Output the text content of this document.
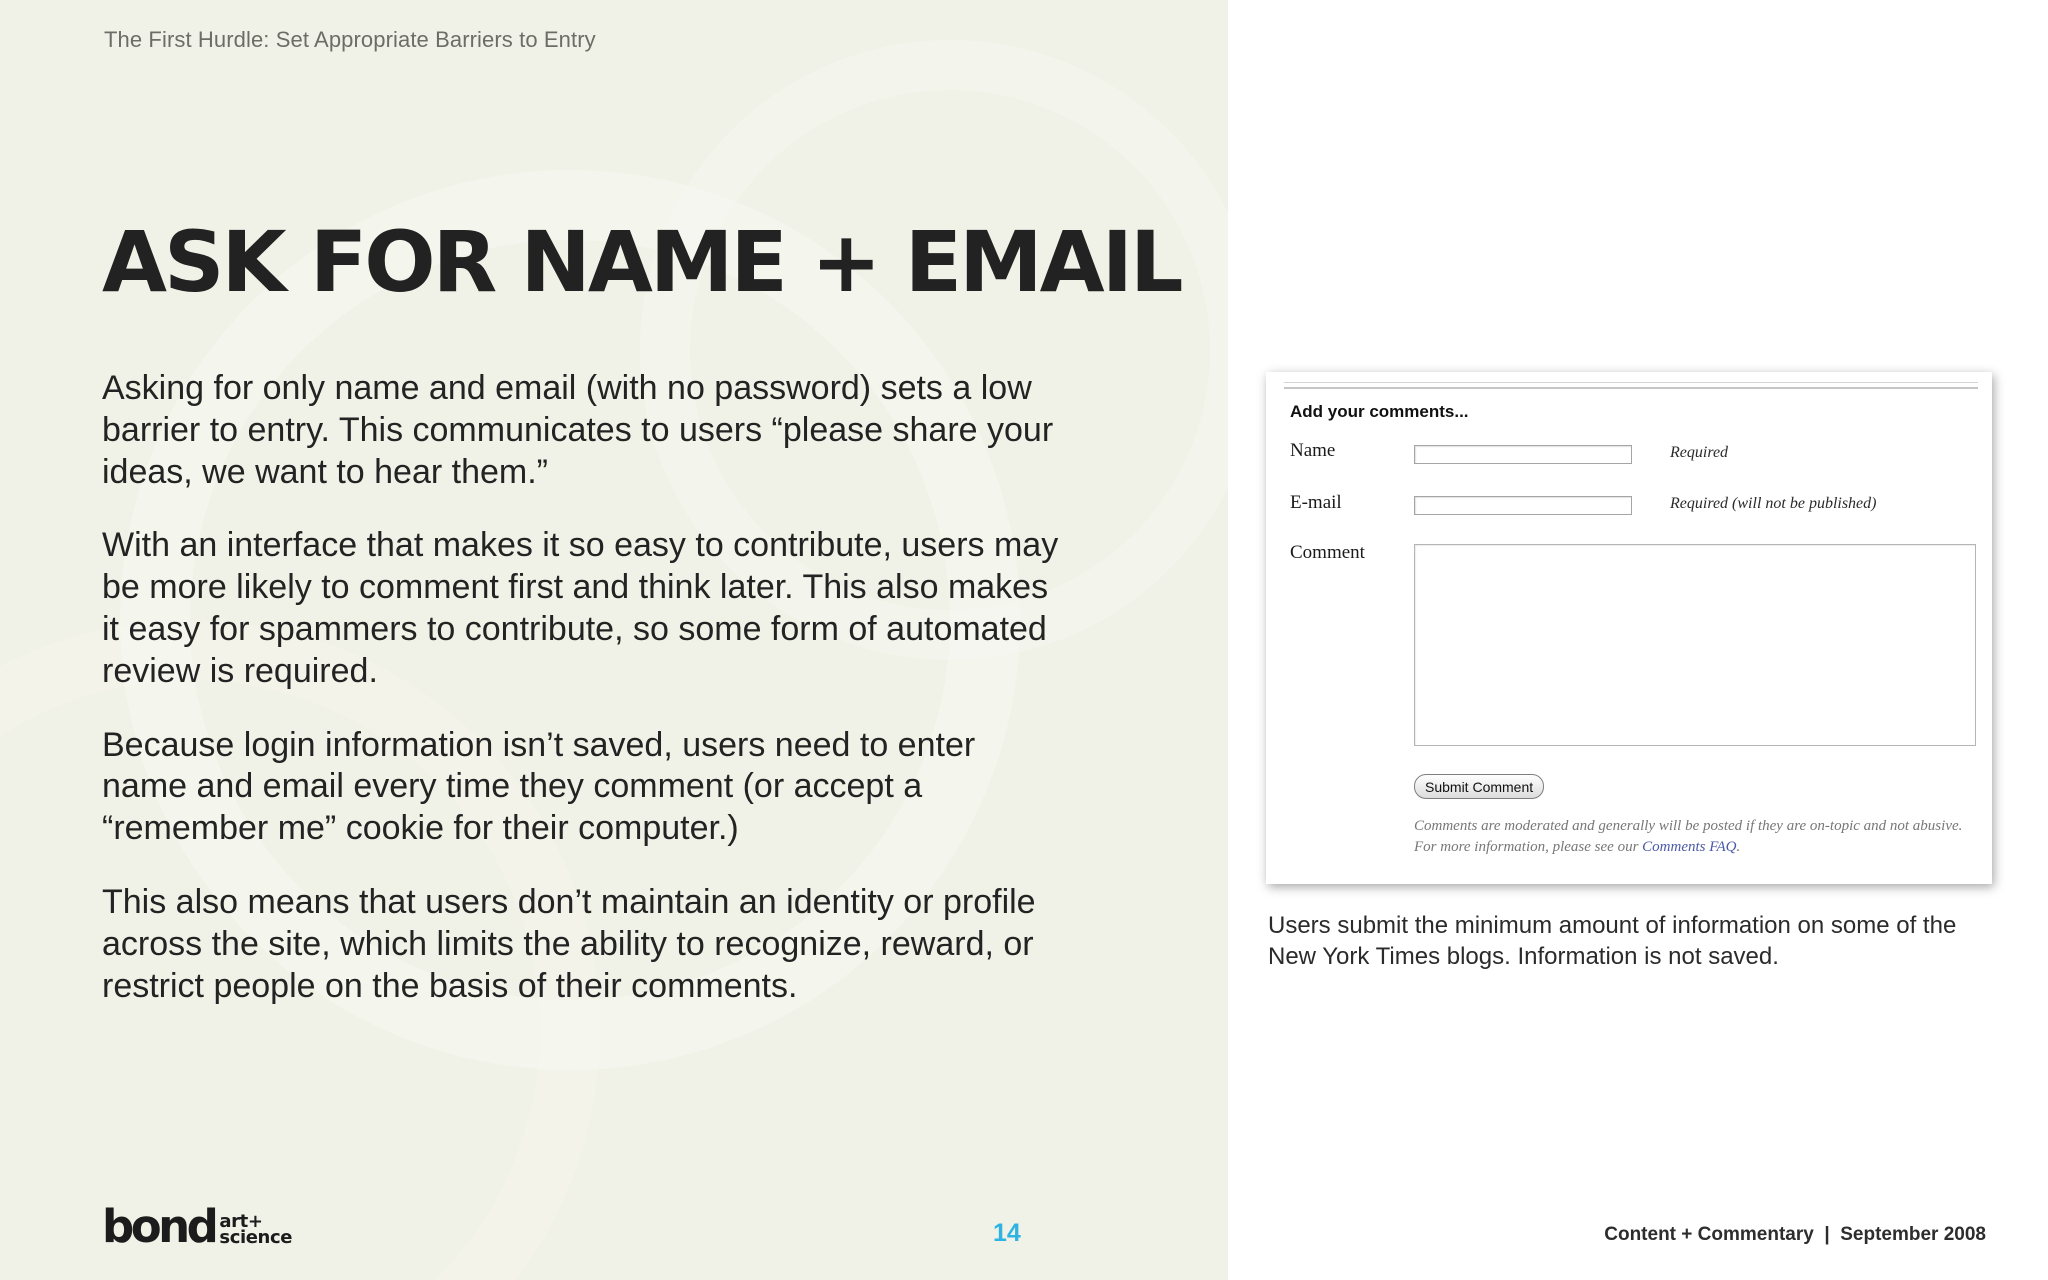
The First Hurdle: Set Appropriate Barriers to Entry
ASK FOR NAME + EMAIL

Asking for only name and email (with no password) sets a low barrier to entry. This communicates to users “please share your ideas, we want to hear them.”

With an interface that makes it so easy to contribute, users may be more likely to comment first and think later. This also makes it easy for spammers to contribute, so some form of automated review is required.

Because login information isn’t saved, users need to enter name and email every time they comment (or accept a “remember me” cookie for their computer.)

This also means that users don’t maintain an identity or profile across the site, which limits the ability to recognize, reward, or restrict people on the basis of their comments.

bond art+
science	14
Add your comments...
Name	Required
E-mail	Required (will not be published)
Comment
Submit Comment
Comments are moderated and generally will be posted if they are on-topic and not abusive. For more information, please see our Comments FAQ.
Users submit the minimum amount of information on some of the New York Times blogs. Information is not saved.
Content + Commentary  |  September 2008
